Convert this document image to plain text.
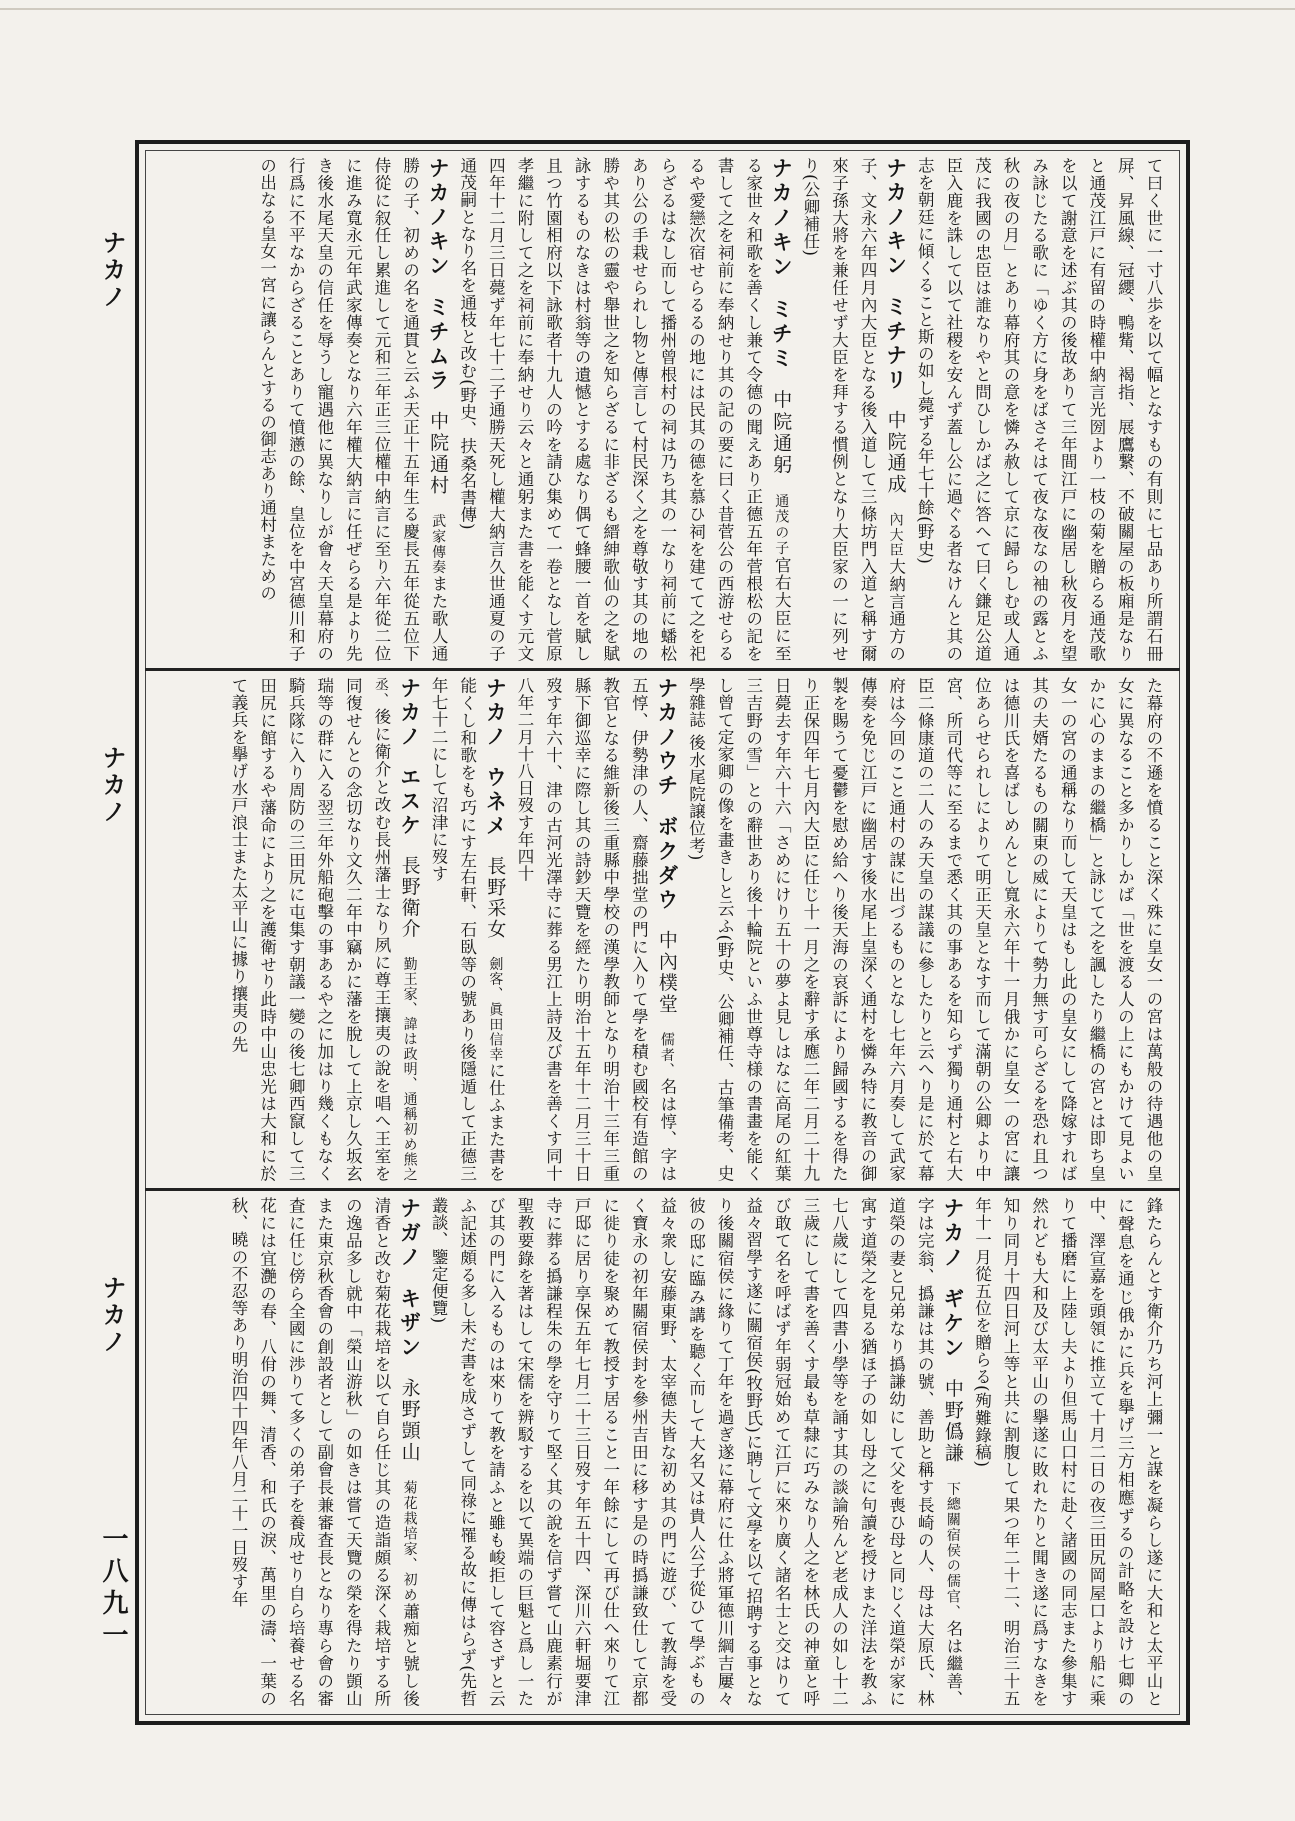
ナカノ
ナカノ
ナカノ
一八九一
て曰く世に一寸八歩を以て幅となすもの有則に七品あり所謂石冊屏、昇風線、冠纓、鴨觜、褐指、展鷹繋、不破關屋の板廂是なりと通茂江戸に有留の時權中納言光圀より一枝の菊を贈らる通茂歌を以て謝意を述ぶ其の後故ありて三年間江戸に幽居し秋夜月を望み詠じたる歌に「ゆく方に身をばさそはて夜な夜なの袖の露とふ秋の夜の月」とあり幕府其の意を憐み赦して京に歸らしむ或人通茂に我國の忠臣は誰なりやと問ひしかば之に答へて曰く鎌足公道臣入鹿を誅して以て社稷を安んず蓋し公に過ぐる者なけんと其の志を朝廷に傾くること斯の如し薨ずる年七十餘(野史)
ナカノキン　ミチナリ　中院通成　內大臣大納言通方の子、文永六年四月內大臣となる後入道して三條坊門入道と稱す爾來子孫大將を兼任せず大臣を拜する慣例となり大臣家の一に列せり(公卿補任)
ナカノキン　ミチミ　中院通躬　通茂の子官右大臣に至る家世々和歌を善くし兼て令德の聞えあり正德五年菅根松の記を書して之を祠前に奉納せり其の記の要に曰く昔菅公の西游せらるるや愛戀次宿せらるるの地には民其の德を慕ひ祠を建てて之を祀らざるはなし而して播州曾根村の祠は乃ち其の一なり祠前に蟠松あり公の手栽せられし物と傳言して村民深く之を尊敬す其の地の勝や其の松の靈や舉世之を知らざるに非ざるも縉紳歌仙の之を賦詠するものなきは村翁等の遺憾とする處なり偶て蜂腰一首を賦し且つ竹園相府以下詠歌者十九人の吟を請ひ集めて一卷となし菅原孝繼に附して之を祠前に奉納せり云々と通躬また書を能くす元文四年十二月三日薨ず年七十二子通勝天死し權大納言久世通夏の子通茂嗣となり名を通枝と改む(野史、扶桑名書傳)
ナカノキン　ミチムラ　中院通村　武家傳奏また歌人通勝の子、初めの名を通貫と云ふ天正十五年生る慶長五年從五位下侍從に叙任し累進して元和三年正三位權中納言に至り六年從二位に進み寬永元年武家傳奏となり六年權大納言に任ぜらる是より先き後水尾天皇の信任を辱うし寵遇他に異なりしが會々天皇幕府の行爲に不平なからざることありて憤懣の餘、皇位を中宮德川和子の出なる皇女一宮に讓らんとするの御志あり通村まための
た幕府の不遜を憤ること深く殊に皇女一の宮は萬般の待遇他の皇女に異なること多かりしかば「世を渡る人の上にもかけて見よいかに心のままの繼橋」と詠じて之を諷したり繼橋の宮とは即ち皇女一の宮の通稱なり而して天皇はもし此の皇女にして降嫁すれば其の夫婿たるもの關東の威によりて勢力無す可らざるを恐れ且つは德川氏を喜ばしめんとし寬永六年十一月俄かに皇女一の宮に讓位あらせられしによりて明正天皇となす而して滿朝の公卿より中宮、所司代等に至るまで悉く其の事あるを知らず獨り通村と右大臣二條康道の二人のみ天皇の謀議に參したりと云へり是に於て幕府は今回のこと通村の謀に出づるものとなし七年六月奏して武家傳奏を免じ江戸に幽居す後水尾上皇深く通村を憐み特に教音の御製を賜うて憂鬱を慰め給へり後天海の哀訴により歸國するを得たり正保四年七月內大臣に任じ十一月之を辭す承應二年二月二十九日薨去す年六十六「さめにけり五十の夢よ見しはなに高尾の紅葉三吉野の雪」との辭世あり後十輪院といふ世尊寺様の書畫を能くし曾て定家卿の像を畫きしと云ふ(野史、公卿補任、古筆備考、史學雜誌 後水尾院譲位考)
ナカノウチ　ボクダウ　中內樸堂　儒者、名は惇、字は五惇、伊勢津の人、齋藤拙堂の門に入りて學を積む國校有造館の教官となる維新後三重縣中學校の漢學教師となり明治十三年三重縣下御巡幸に際し其の詩鈔天覽を經たり明治十五年十二月三十日歿す年六十、津の古河光澤寺に葬る男江上詩及び書を善くす同十八年二月十八日歿す年四十
ナカノ　ウネメ　長野采女　劍客、眞田信幸に仕ふまた書を能くし和歌をも巧にす左右軒、石臥等の號あり後隱遁して正德三年七十二にして沼津に歿す
ナカノ　エスケ　長野衛介　勤王家、諱は政明、通稱初め熊之丞、後に衛介と改む長州藩士なり夙に尊王攘夷の說を唱へ王室を同復せんとの念切なり文久二年中竊かに藩を脫して上京し久坂玄瑞等の群に入る翌三年外船砲擊の事あるや之に加はり幾くもなく騎兵隊に入り周防の三田尻に屯集す朝議一變の後七卿西竄して三田尻に館するや藩命により之を護衛せり此時中山忠光は大和に於て義兵を擧げ水戸浪士また太平山に據り攘夷の先
鋒たらんとす衛介乃ち河上彌一と謀を凝らし遂に大和と太平山とに聲息を通じ俄かに兵を擧げ三方相應ずるの計略を設け七卿の中、澤宣嘉を頭領に推立て十月二日の夜三田尻岡屋口より船に乘りて播磨に上陸し夫より但馬山口村に赴く諸國の同志また參集す然れども大和及び太平山の擧遂に敗れたりと聞き遂に爲すなきを知り同月十四日河上等と共に割腹して果つ年二十二、明治三十五年十一月從五位を贈らる(殉難錄稿)
ナカノ　ギケン　中野僞謙　下總關宿侯の儒官、名は繼善、字は完翁、撝謙は其の號、善助と稱す長崎の人、母は大原氏、林道榮の妻と兄弟なり撝謙幼にして父を喪ひ母と同じく道榮が家に寓す道榮之を見る猶ほ子の如し母之に句讀を授けまた洋法を教ふ七八歲にして四書小學等を誦す其の談論殆んど老成人の如し十二三歲にして書を善くす最も草隸に巧みなり人之を林氏の神童と呼び敢て名を呼ばず年弱冠始めて江戸に來り廣く諸名士と交はりて益々習學す遂に關宿侯(牧野氏)に聘して文學を以て招聘する事となり後關宿侯に緣りて丁年を過ぎ遂に幕府に仕ふ將軍德川綱吉屢々彼の邸に臨み講を聽く而して大名又は貴人公子從ひて學ぶもの益々衆し安藤東野、太宰德夫皆な初め其の門に遊び、て教誨を受く寶永の初年關宿侯封を參州吉田に移す是の時撝謙致仕して京都に徙り徒を聚めて教授す居ること一年餘にして再び仕へ來りて江戸邸に居り享保五年七月二十三日歿す年五十四、深川六軒堀要津寺に葬る撝謙程朱の學を守りて堅く其の說を信ず嘗て山鹿素行が聖教要錄を著はして宋儒を辨駁するを以て異端の巨魁と爲し一たび其の門に入るものは來りて教を請ふと雖も峻拒して容さずと云ふ記述頗る多し未だ書を成さずして同祿に罹る故に傳はらず(先哲叢談、鑒定便覽)
ナガノ　キザン　永野顗山　菊花栽培家、初め蕭痴と號し後清香と改む菊花栽培を以て自ら任じ其の造詣頗る深く栽培する所の逸品多し就中「榮山游秋」の如きは嘗て天覽の榮を得たり顗山また東京秋香會の創設者として副會長兼審査長となり專ら會の審査に任じ傍ら全國に渉りて多くの弟子を養成せり自ら培養せる名花には宜灔の春、八佾の舞、清香、和氏の淚、萬里の濤、一葉の秋、曉の不忍等あり明治四十四年八月二十一日歿す年
